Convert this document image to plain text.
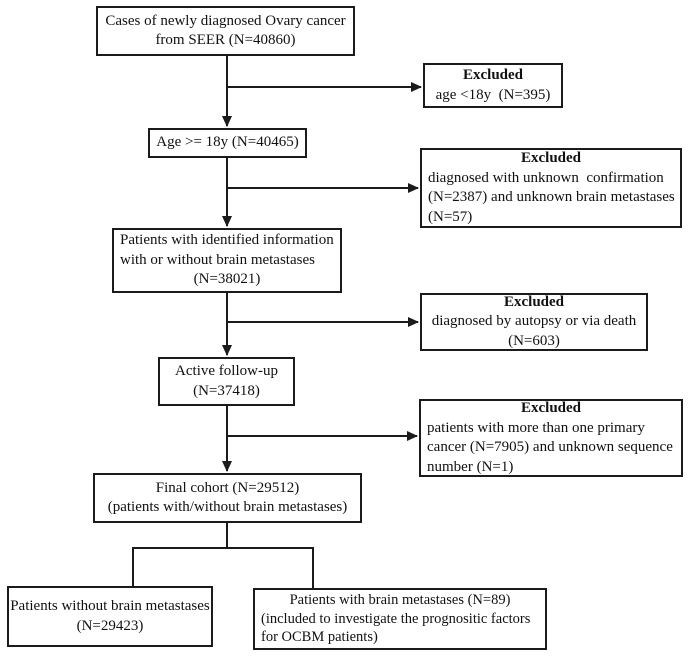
Cases of newly diagnosed Ovary cancer
from SEER (N=40860)
Age >= 18y (N=40465)
Patients with identified information
with or without brain metastases
(N=38021)
Active follow-up
(N=37418)
Final cohort (N=29512)
(patients with/without brain metastases)
Patients without brain metastases
(N=29423)
Patients with brain metastases (N=89)
(included to investigate the prognositic factors
for OCBM patients)
Excluded
age <18y  (N=395)
Excluded
diagnosed with unknown  confirmation
(N=2387) and unknown brain metastases
(N=57)
Excluded
diagnosed by autopsy or via death
(N=603)
Excluded
patients with more than one primary
cancer (N=7905) and unknown sequence
number (N=1)
